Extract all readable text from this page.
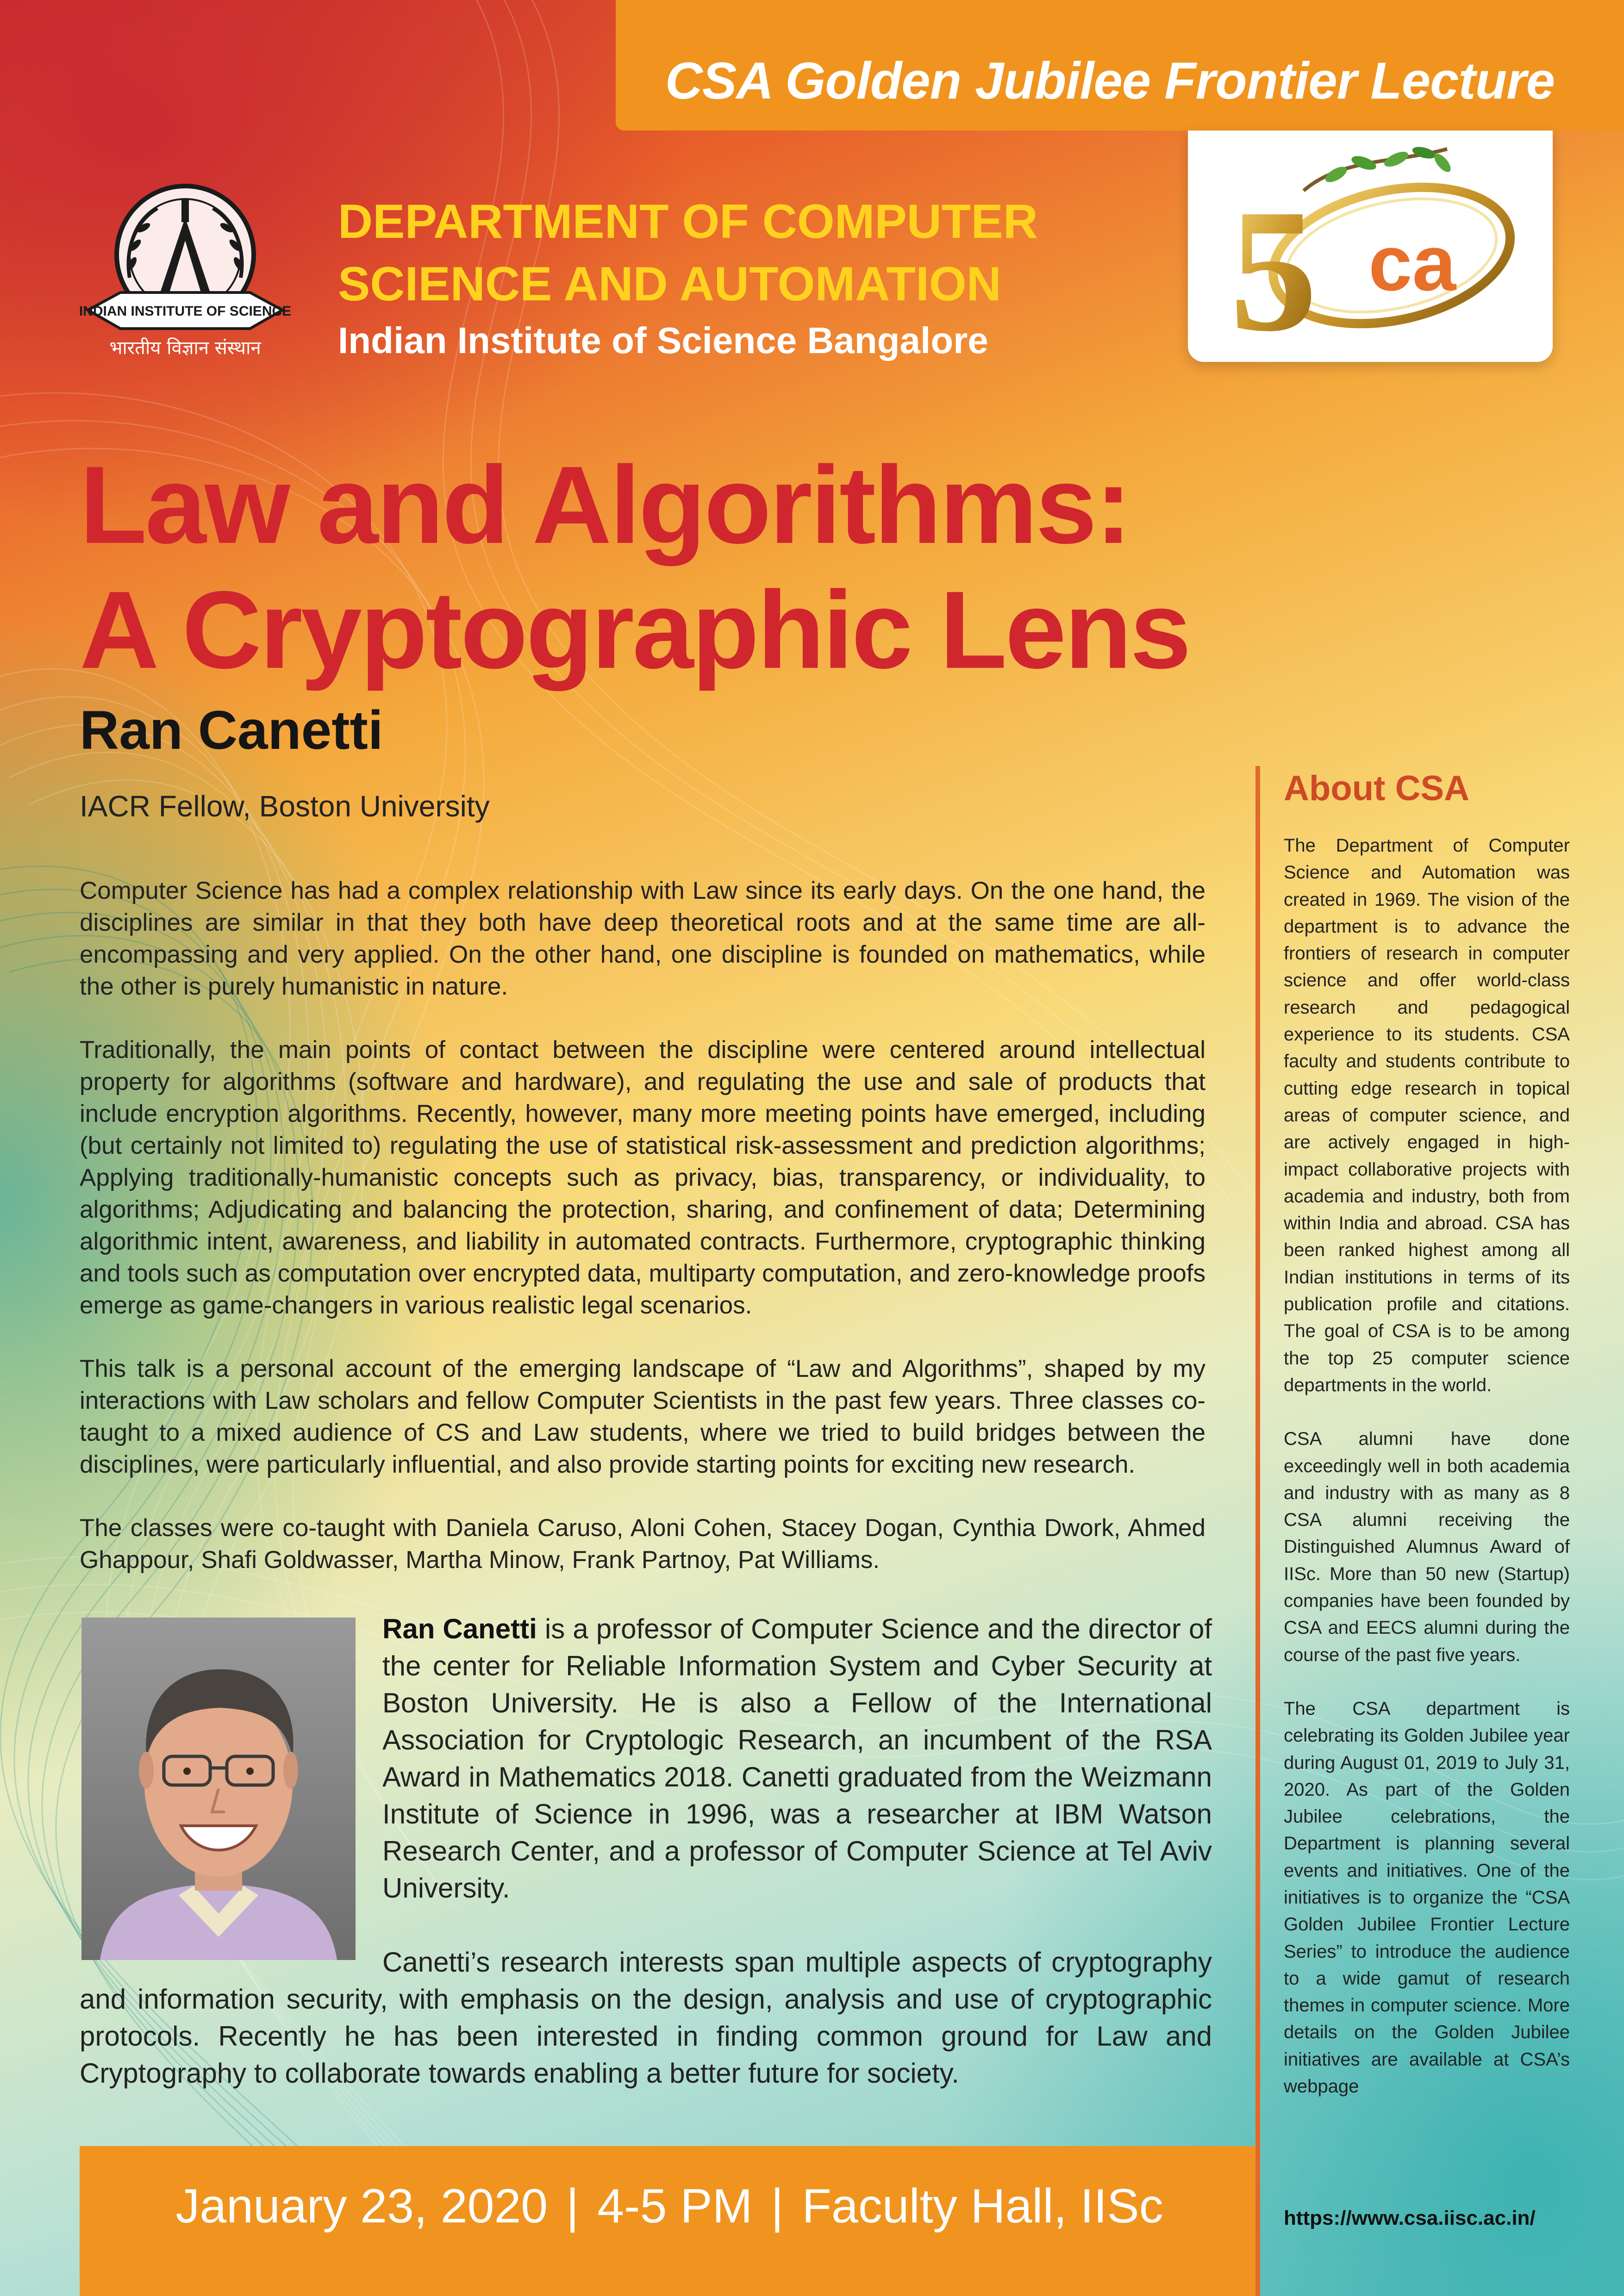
CSA Golden Jubilee Frontier Lecture
5 ca
INDIAN INSTITUTE OF SCIENCE
भारतीय विज्ञान संस्थान
DEPARTMENT OF COMPUTER
SCIENCE AND AUTOMATION
Indian Institute of Science Bangalore
Law and Algorithms:
A Cryptographic Lens
Ran Canetti
IACR Fellow, Boston University

Computer Science has had a complex relationship with Law since its early days. On the one hand, the disciplines are similar in that they both have deep theoretical roots and at the same time are all-encompassing and very applied. On the other hand, one discipline is founded on mathematics, while the other is purely humanistic in nature.

Traditionally, the main points of contact between the discipline were centered around intellectual property for algorithms (software and hardware), and regulating the use and sale of products that include encryption algorithms. Recently, however, many more meeting points have emerged, including (but certainly not limited to) regulating the use of statistical risk-assessment and prediction algorithms; Applying traditionally-humanistic concepts such as privacy, bias, transparency, or individuality, to algorithms; Adjudicating and balancing the protection, sharing, and confinement of data; Determining algorithmic intent, awareness, and liability in automated contracts. Furthermore, cryptographic thinking and tools such as computation over encrypted data, multiparty computation, and zero-knowledge proofs emerge as game-changers in various realistic legal scenarios.

This talk is a personal account of the emerging landscape of “Law and Algorithms”, shaped by my interactions with Law scholars and fellow Computer Scientists in the past few years. Three classes co-taught to a mixed audience of CS and Law students, where we tried to build bridges between the disciplines, were particularly influential, and also provide starting points for exciting new research.

The classes were co-taught with Daniela Caruso, Aloni Cohen, Stacey Dogan, Cynthia Dwork, Ahmed Ghappour, Shafi Goldwasser, Martha Minow, Frank Partnoy, Pat Williams.

Ran Canetti is a professor of Computer Science and the director of the center for Reliable Information System and Cyber Security at Boston University. He is also a Fellow of the International Association for Cryptologic Research, an incumbent of the RSA Award in Mathematics 2018. Canetti graduated from the Weizmann Institute of Science in 1996, was a researcher at IBM Watson Research Center, and a professor of Computer Science at Tel Aviv University.

Canetti’s research interests span multiple aspects of cryptography and information security, with emphasis on the design, analysis and use of cryptographic protocols. Recently he has been interested in finding common ground for Law and Cryptography to collaborate towards enabling a better future for society.

January 23, 2020 | 4-5 PM | Faculty Hall, IISc
About CSA

The Department of Computer Science and Automation was created in 1969. The vision of the department is to advance the frontiers of research in computer science and offer world-class research and pedagogical experience to its students. CSA faculty and students contribute to cutting edge research in topical areas of computer science, and are actively engaged in high-impact collaborative projects with academia and industry, both from within India and abroad. CSA has been ranked highest among all Indian institutions in terms of its publication profile and citations. The goal of CSA is to be among the top 25 computer science departments in the world.

CSA alumni have done exceedingly well in both academia and industry with as many as 8 CSA alumni receiving the Distinguished Alumnus Award of IISc. More than 50 new (Startup) companies have been founded by CSA and EECS alumni during the course of the past five years.

The CSA department is celebrating its Golden Jubilee year during August 01, 2019 to July 31, 2020. As part of the Golden Jubilee celebrations, the Department is planning several events and initiatives. One of the initiatives is to organize the “CSA Golden Jubilee Frontier Lecture Series” to introduce the audience to a wide gamut of research themes in computer science. More details on the Golden Jubilee initiatives are available at CSA’s webpage

https://www.csa.iisc.ac.in/
